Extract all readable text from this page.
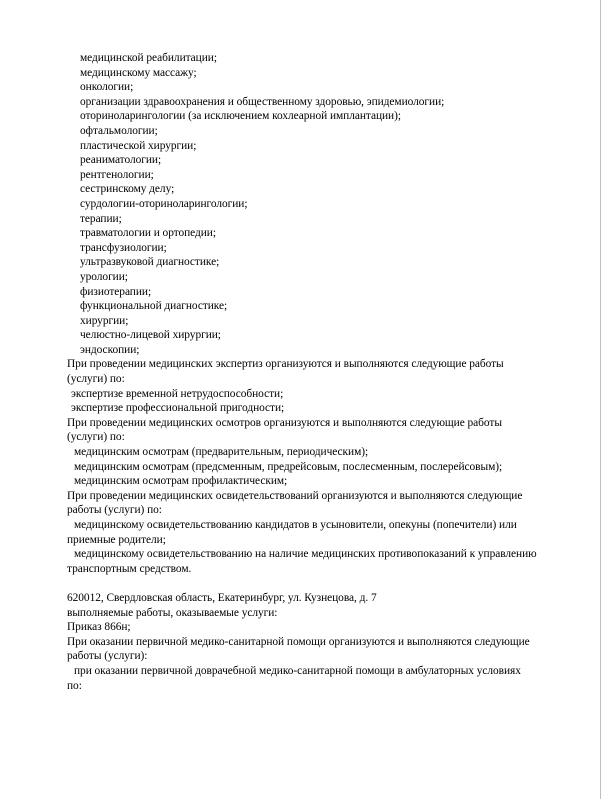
медицинской реабилитации;
медицинскому массажу;
онкологии;
организации здравоохранения и общественному здоровью, эпидемиологии;
оториноларингологии (за исключением кохлеарной имплантации);
офтальмологии;
пластической хирургии;
реаниматологии;
рентгенологии;
сестринскому делу;
сурдологии-оториноларингологии;
терапии;
травматологии и ортопедии;
трансфузиологии;
ультразвуковой диагностике;
урологии;
физиотерапии;
функциональной диагностике;
хирургии;
челюстно-лицевой хирургии;
эндоскопии;
При проведении медицинских экспертиз организуются и выполняются следующие работы
(услуги) по:
экспертизе временной нетрудоспособности;
экспертизе профессиональной пригодности;
При проведении медицинских осмотров организуются и выполняются следующие работы
(услуги) по:
медицинским осмотрам (предварительным, периодическим);
медицинским осмотрам (предсменным, предрейсовым, послесменным, послерейсовым);
медицинским осмотрам профилактическим;
При проведении медицинских освидетельствований организуются и выполняются следующие
работы (услуги) по:
медицинскому освидетельствованию кандидатов в усыновители, опекуны (попечители) или
приемные родители;
медицинскому освидетельствованию на наличие медицинских противопоказаний к управлению
транспортным средством.
620012, Свердловская область, Екатеринбург, ул. Кузнецова, д. 7
выполняемые работы, оказываемые услуги:
Приказ 866н;
При оказании первичной медико-санитарной помощи организуются и выполняются следующие
работы (услуги):
при оказании первичной доврачебной медико-санитарной помощи в амбулаторных условиях
по:
